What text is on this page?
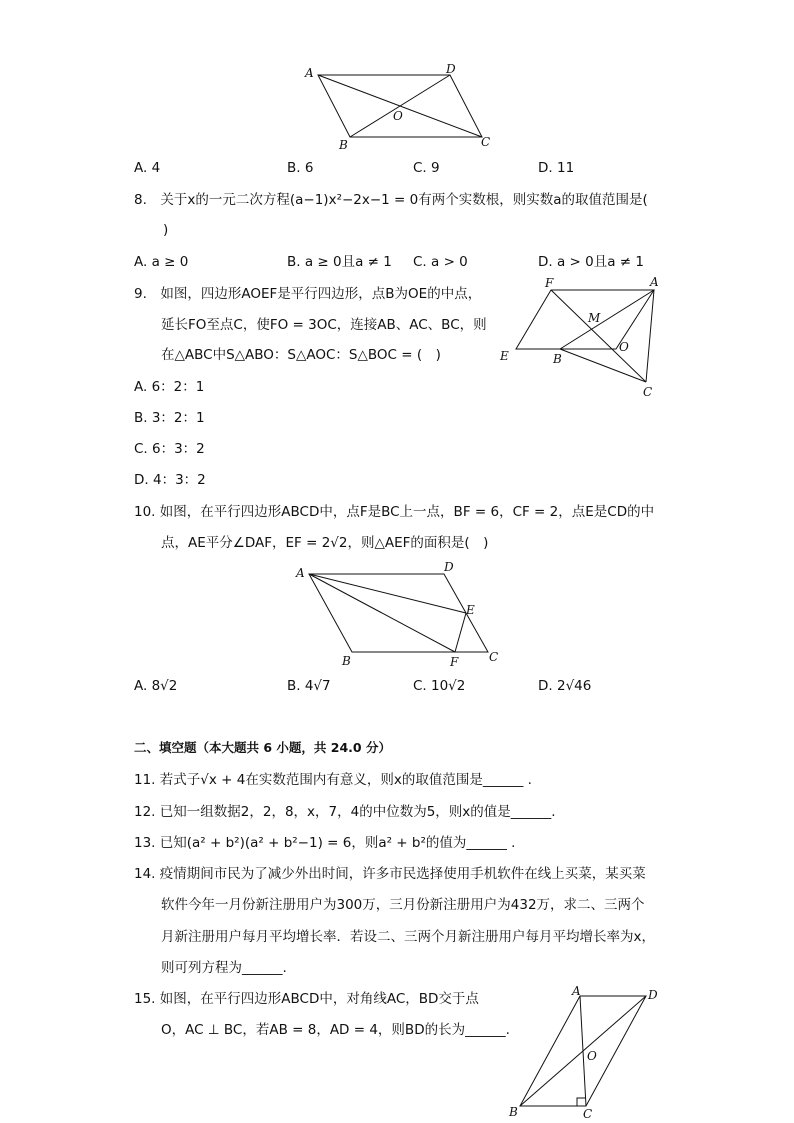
A	D
O
B	C
F	A
M
O
E	B
C
A	D
E
B	F	C
A	D
O
B	C
A. 4	B. 6	C. 9	D. 11
8.　关于x的一元二次方程(a−1)x²−2x−1 = 0有两个实数根，则实数a的取值范围是(
)
A. a ≥ 0	B. a ≥ 0且a ≠ 1 C. a > 0	D. a > 0且a ≠ 1
9.　如图，四边形AOEF是平行四边形，点B为OE的中点，
延长FO至点C，使FO = 3OC，连接AB、AC、BC，则
在△ABC中S△ABO：S△AOC：S△BOC = (　)
A. 6：2：1
B. 3：2：1
C. 6：3：2
D. 4：3：2
10. 如图，在平行四边形ABCD中，点F是BC上一点，BF = 6，CF = 2，点E是CD的中
点，AE平分∠DAF，EF = 2√2，则△AEF的面积是(　)
A. 8√2	B. 4√7	C. 10√2	D. 2√46
二、填空题（本大题共 6 小题，共 24.0 分）
11. 若式子√x + 4在实数范围内有意义，则x的取值范围是______ .
12. 已知一组数据2，2，8，x，7，4的中位数为5，则x的值是______.
13. 已知(a² + b²)(a² + b²−1) = 6，则a² + b²的值为______ .
14. 疫情期间市民为了减少外出时间，许多市民选择使用手机软件在线上买菜，某买菜
软件今年一月份新注册用户为300万，三月份新注册用户为432万，求二、三两个
月新注册用户每月平均增长率．若设二、三两个月新注册用户每月平均增长率为x，
则可列方程为______.
15. 如图，在平行四边形ABCD中，对角线AC，BD交于点
O，AC ⊥ BC，若AB = 8，AD = 4，则BD的长为______.
